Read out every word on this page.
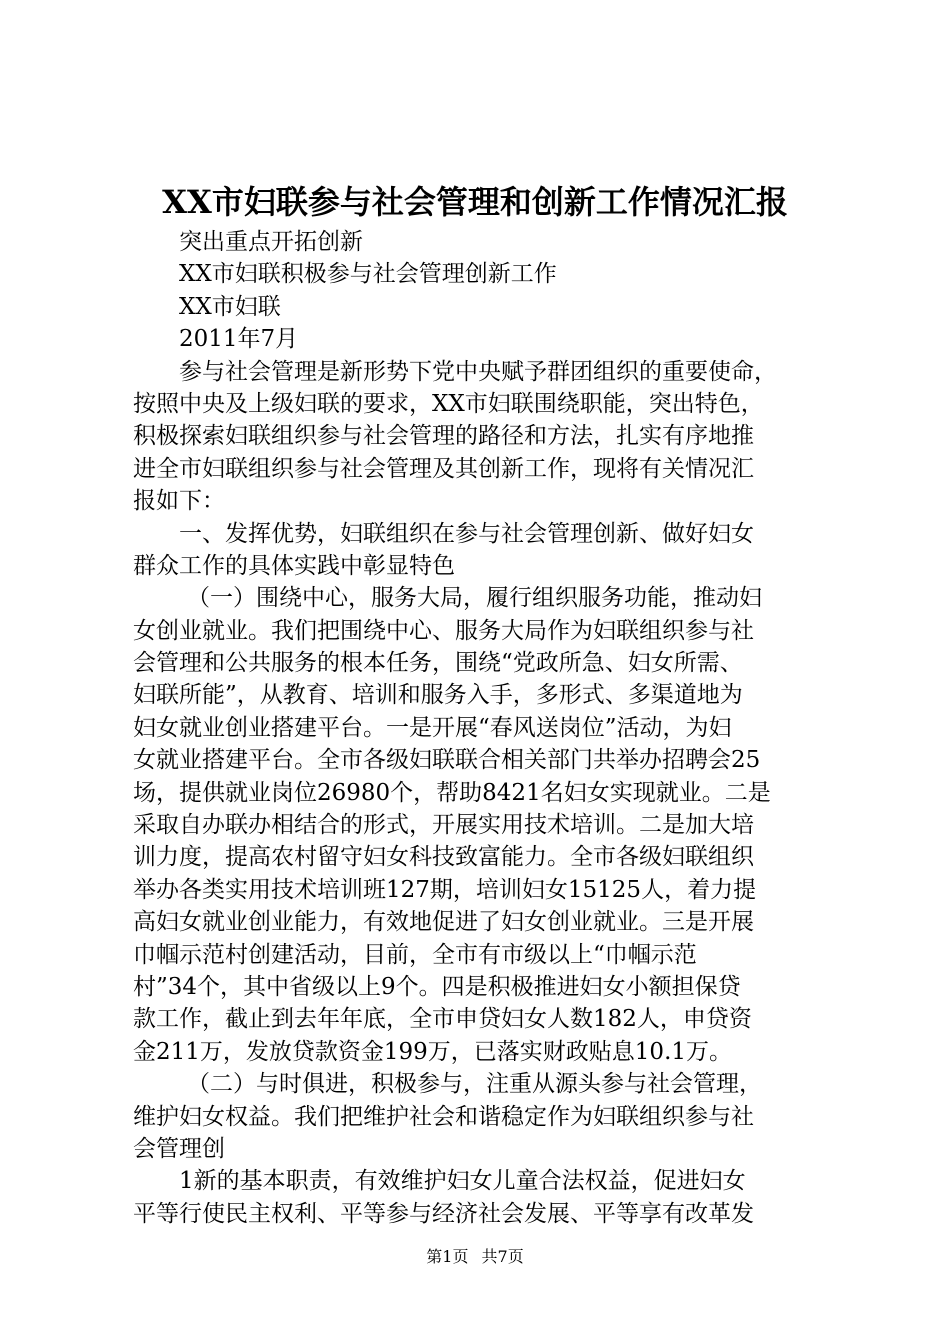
XX市妇联参与社会管理和创新工作情况汇报
突出重点开拓创新
XX市妇联积极参与社会管理创新工作
XX市妇联
2011年7月
参与社会管理是新形势下党中央赋予群团组织的重要使命，
按照中央及上级妇联的要求，XX市妇联围绕职能，突出特色，
积极探索妇联组织参与社会管理的路径和方法，扎实有序地推
进全市妇联组织参与社会管理及其创新工作，现将有关情况汇
报如下：
一、发挥优势，妇联组织在参与社会管理创新、做好妇女
群众工作的具体实践中彰显特色
（一）围绕中心，服务大局，履行组织服务功能，推动妇
女创业就业。我们把围绕中心、服务大局作为妇联组织参与社
会管理和公共服务的根本任务，围绕“党政所急、妇女所需、
妇联所能”，从教育、培训和服务入手，多形式、多渠道地为
妇女就业创业搭建平台。一是开展“春风送岗位”活动，为妇
女就业搭建平台。全市各级妇联联合相关部门共举办招聘会25
场，提供就业岗位26980个，帮助8421名妇女实现就业。二是
采取自办联办相结合的形式，开展实用技术培训。二是加大培
训力度，提高农村留守妇女科技致富能力。全市各级妇联组织
举办各类实用技术培训班127期，培训妇女15125人，着力提
高妇女就业创业能力，有效地促进了妇女创业就业。三是开展
巾帼示范村创建活动，目前，全市有市级以上“巾帼示范
村”34个，其中省级以上9个。四是积极推进妇女小额担保贷
款工作，截止到去年年底，全市申贷妇女人数182人，申贷资
金211万，发放贷款资金199万，已落实财政贴息10.1万。
（二）与时俱进，积极参与，注重从源头参与社会管理，
维护妇女权益。我们把维护社会和谐稳定作为妇联组织参与社
会管理创
1新的基本职责，有效维护妇女儿童合法权益，促进妇女
平等行使民主权利、平等参与经济社会发展、平等享有改革发
第1页 共7页
